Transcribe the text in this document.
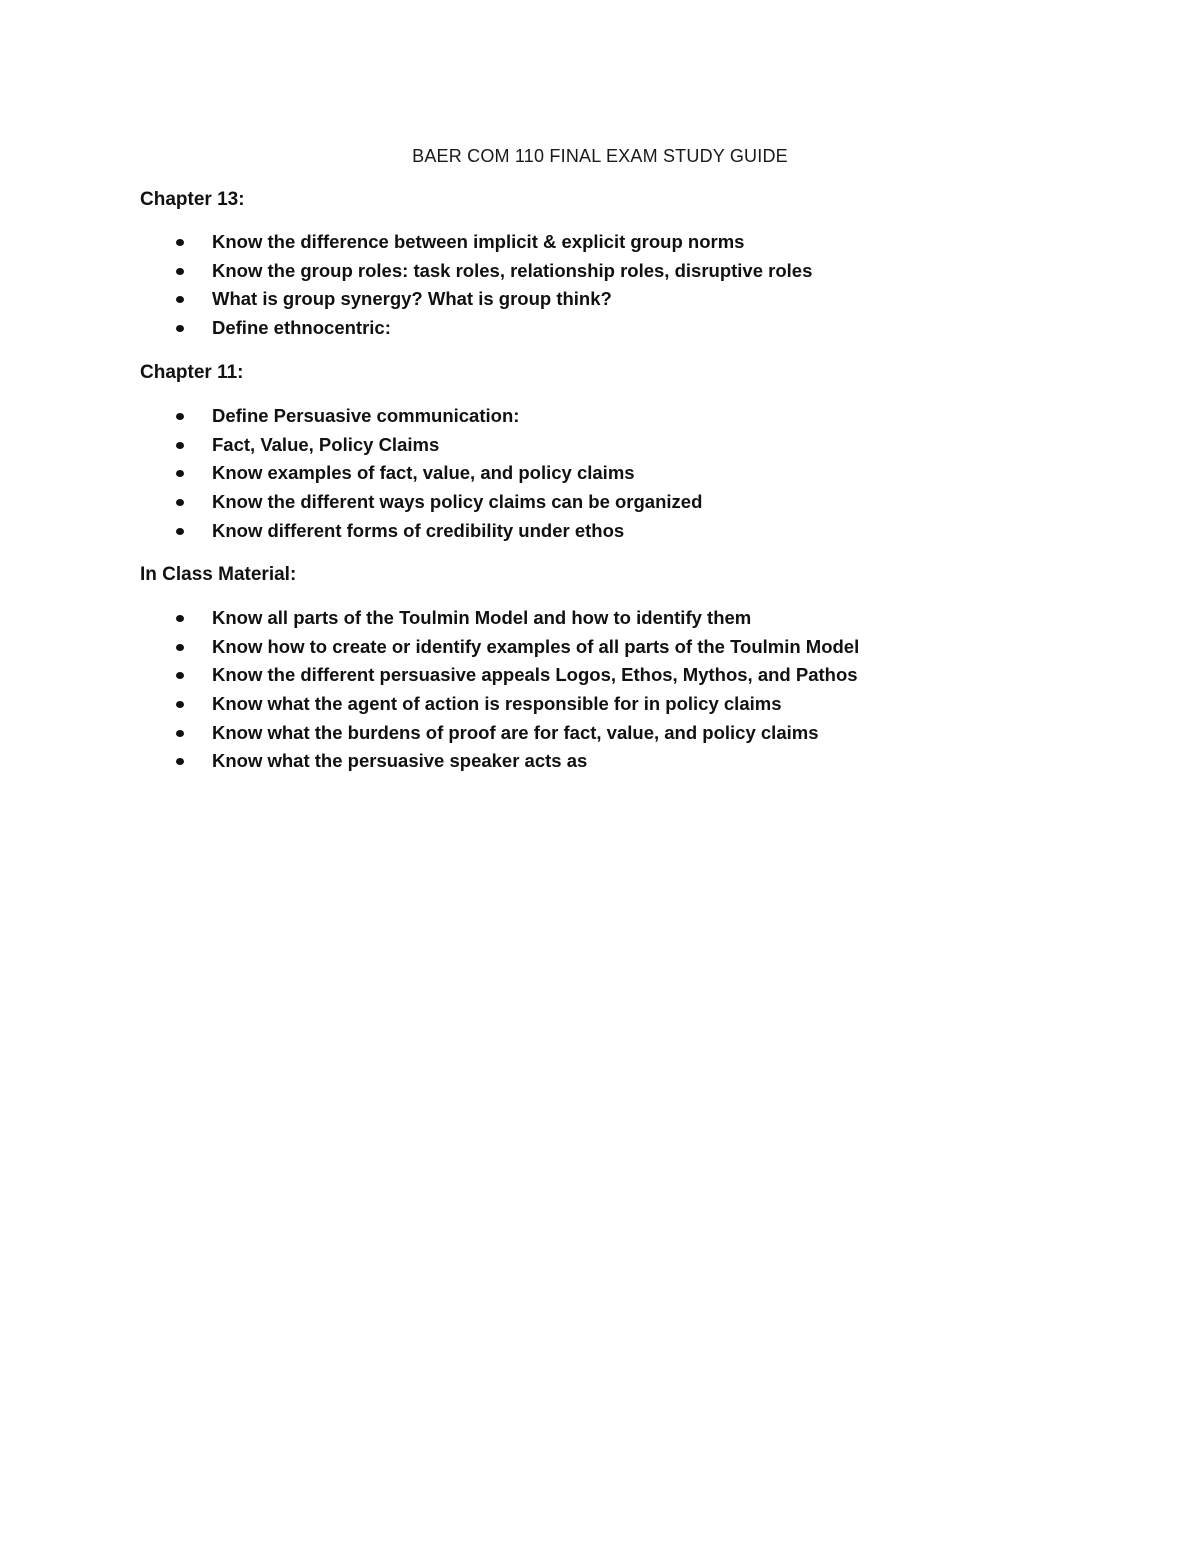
BAER COM 110 FINAL EXAM STUDY GUIDE
Chapter 13:
Know the difference between implicit & explicit group norms
Know the group roles: task roles, relationship roles, disruptive roles
What is group synergy? What is group think?
Define ethnocentric:
Chapter 11:
Define Persuasive communication:
Fact, Value, Policy Claims
Know examples of fact, value, and policy claims
Know the different ways policy claims can be organized
Know different forms of credibility under ethos
In Class Material:
Know all parts of the Toulmin Model and how to identify them
Know how to create or identify examples of all parts of the Toulmin Model
Know the different persuasive appeals Logos, Ethos, Mythos, and Pathos
Know what the agent of action is responsible for in policy claims
Know what the burdens of proof are for fact, value, and policy claims
Know what the persuasive speaker acts as
